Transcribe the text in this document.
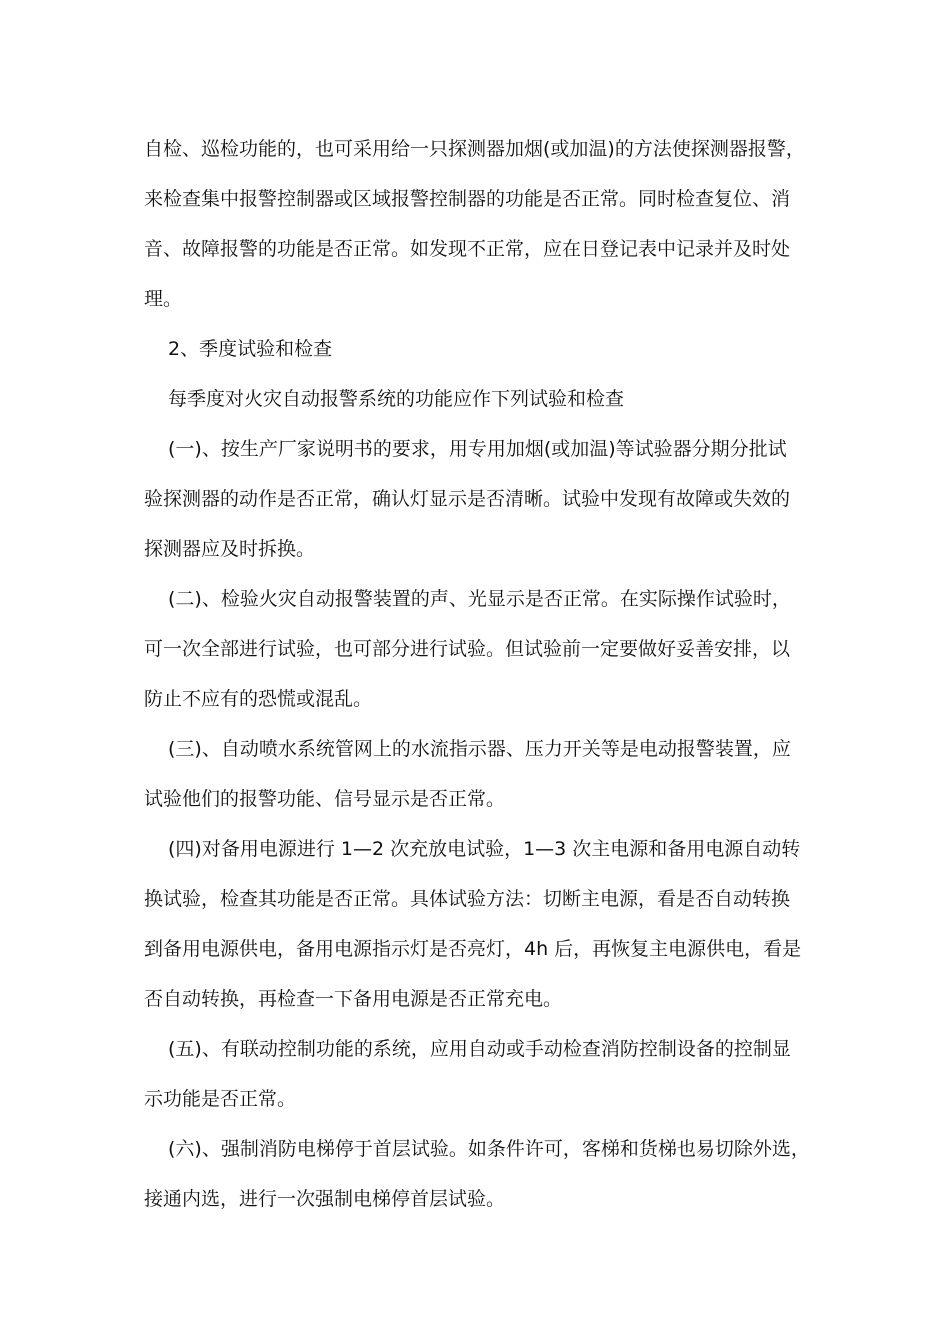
自检、巡检功能的，也可采用给一只探测器加烟(或加温)的方法使探测器报警，
来检查集中报警控制器或区域报警控制器的功能是否正常。同时检查复位、消
音、故障报警的功能是否正常。如发现不正常，应在日登记表中记录并及时处
理。
2、季度试验和检查
每季度对火灾自动报警系统的功能应作下列试验和检查
(一)、按生产厂家说明书的要求，用专用加烟(或加温)等试验器分期分批试
验探测器的动作是否正常，确认灯显示是否清晰。试验中发现有故障或失效的
探测器应及时拆换。
(二)、检验火灾自动报警装置的声、光显示是否正常。在实际操作试验时，
可一次全部进行试验，也可部分进行试验。但试验前一定要做好妥善安排，以
防止不应有的恐慌或混乱。
(三)、自动喷水系统管网上的水流指示器、压力开关等是电动报警装置，应
试验他们的报警功能、信号显示是否正常。
(四)对备用电源进行 1—2 次充放电试验，1—3 次主电源和备用电源自动转
换试验，检查其功能是否正常。具体试验方法：切断主电源，看是否自动转换
到备用电源供电，备用电源指示灯是否亮灯，4h 后，再恢复主电源供电，看是
否自动转换，再检查一下备用电源是否正常充电。
(五)、有联动控制功能的系统，应用自动或手动检查消防控制设备的控制显
示功能是否正常。
(六)、强制消防电梯停于首层试验。如条件许可，客梯和货梯也易切除外选，
接通内选，进行一次强制电梯停首层试验。
